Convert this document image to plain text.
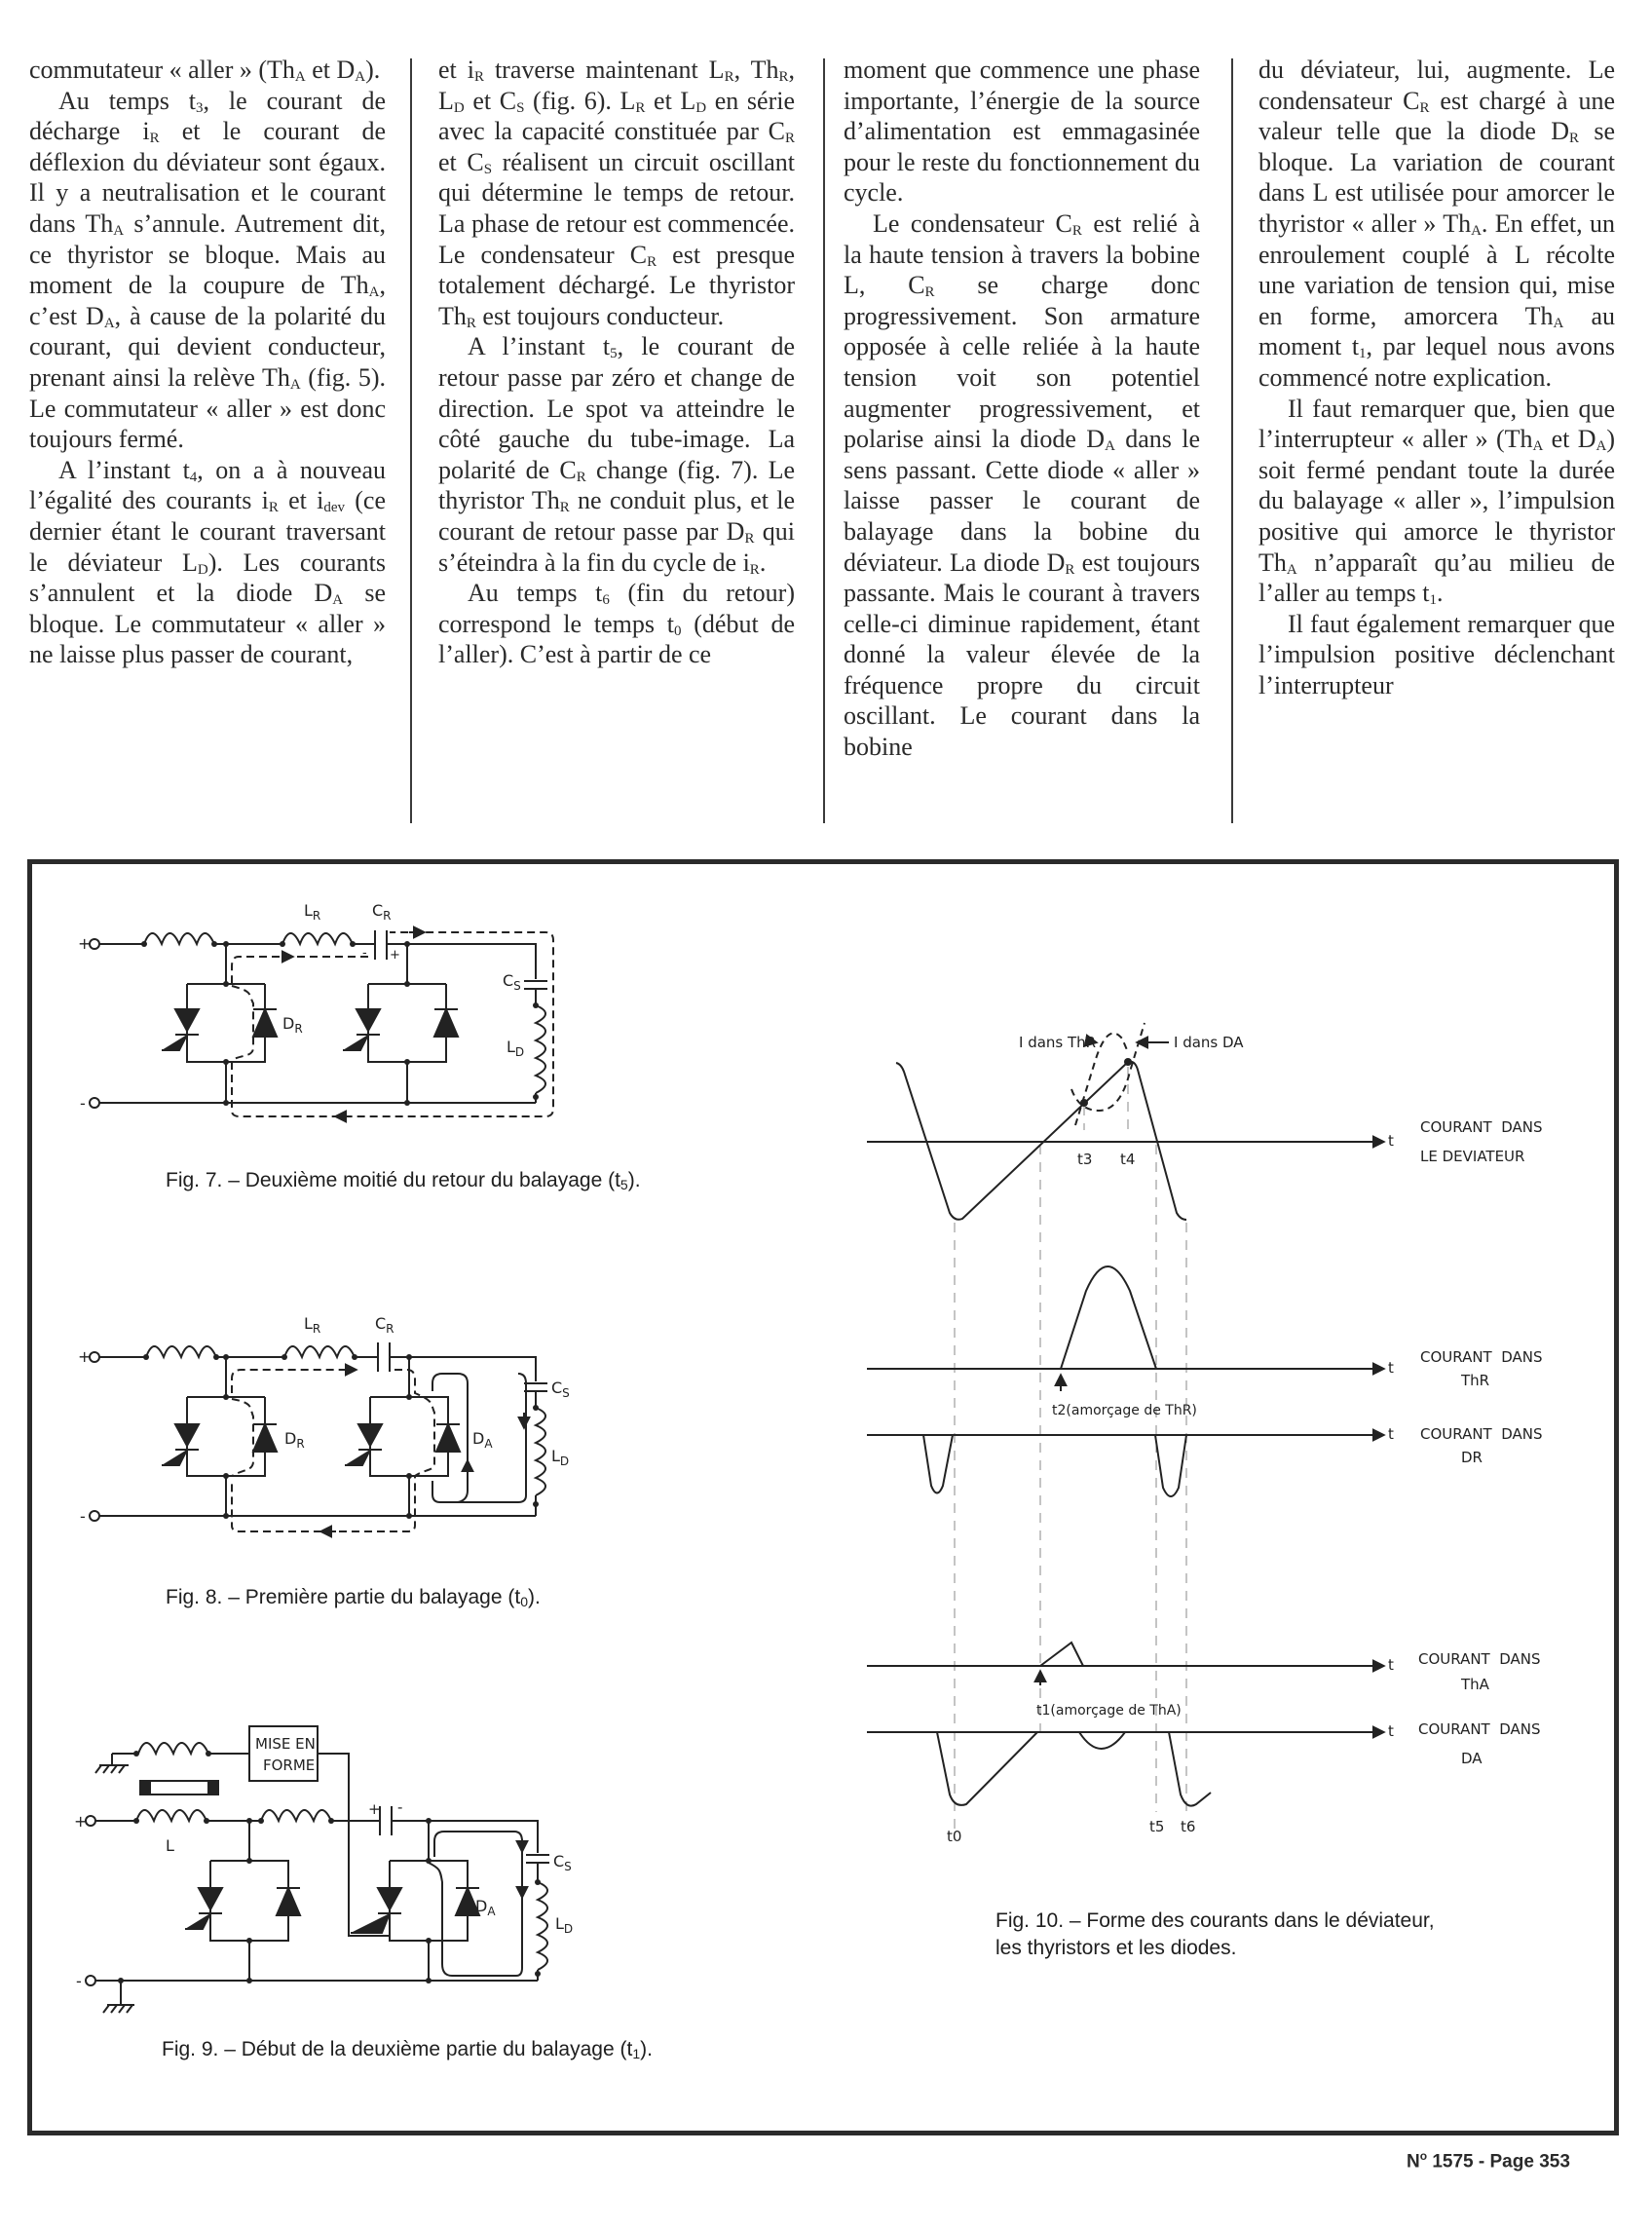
commutateur « aller » ($Th_A$ et $D_A$).

Au temps $t_3$, le courant de décharge $i_R$ et le courant de déflexion du déviateur sont égaux. Il y a neutralisation et le courant dans $Th_A$ s’annule. Autrement dit, ce thyristor se bloque. Mais au moment de la coupure de $Th_A$, c’est $D_A$, à cause de la polarité du courant, qui devient conducteur, prenant ainsi la relève $Th_A$ (fig. 5). Le commutateur « aller » est donc toujours fermé.

A l’instant $t_4$, on a à nouveau l’égalité des courants $i_R$ et $i_{dev}$ (ce dernier étant le courant traversant le déviateur $L_D$). Les courants s’annulent et la diode $D_A$ se bloque. Le commutateur « aller » ne laisse plus passer de courant,

et $i_R$ traverse maintenant $L_R$, $Th_R$, $L_D$ et $C_S$ (fig. 6). $L_R$ et $L_D$ en série avec la capacité constituée par $C_R$ et $C_S$ réalisent un circuit oscillant qui détermine le temps de retour. La phase de retour est commencée. Le condensateur $C_R$ est presque totalement déchargé. Le thyristor $Th_R$ est toujours conducteur.

A l’instant $t_5$, le courant de retour passe par zéro et change de direction. Le spot va atteindre le côté gauche du tube-image. La polarité de $C_R$ change (fig. 7). Le thyristor $Th_R$ ne conduit plus, et le courant de retour passe par $D_R$ qui s’éteindra à la fin du cycle de $i_R$.

Au temps $t_6$ (fin du retour) correspond le temps $t_0$ (début de l’aller). C’est à partir de ce

moment que commence une phase importante, l’énergie de la source d’alimentation est emmagasinée pour le reste du fonctionnement du cycle.

Le condensateur $C_R$ est relié à la haute tension à travers la bobine L, $C_R$ se charge donc progressivement. Son armature opposée à celle reliée à la haute tension voit son potentiel augmenter progressivement, et polarise ainsi la diode $D_A$ dans le sens passant. Cette diode « aller » laisse passer le courant de balayage dans la bobine du déviateur. La diode $D_R$ est toujours passante. Mais le courant à travers celle-ci diminue rapidement, étant donné la valeur élevée de la fréquence propre du circuit oscillant. Le courant dans la bobine

du déviateur, lui, augmente. Le condensateur $C_R$ est chargé à une valeur telle que la diode $D_R$ se bloque. La variation de courant dans L est utilisée pour amorcer le thyristor « aller » $Th_A$. En effet, un enroulement couplé à L récolte une variation de tension qui, mise en forme, amorcera $Th_A$ au moment $t_1$, par lequel nous avons commencé notre explication.

Il faut remarquer que, bien que l’interrupteur « aller » ($Th_A$ et $D_A$) soit fermé pendant toute la durée du balayage « aller », l’impulsion positive qui amorce le thyristor $Th_A$ n’apparaît qu’au milieu de l’aller au temps $t_1$.

Il faut également remarquer que l’impulsion positive déclenchant l’interrupteur

+
-
$L_R$	$C_R$
- +
$C_S$
$L_D$
$D_R$
+
-
$L_R$	$C_R$
$C_S$
$L_D$
$D_R$	$D_A$
+
-
MISE EN
FORME
L
+ -
$C_S$
$L_D$
$D_A$
I dans ThR	I dans DA
t3 t4
t2(amorçage de ThR)
t1(amorçage de ThA)
t0
t5 t6
t
t
t
t
t
COURANT  DANS
LE DEVIATEUR
COURANT  DANS
ThR
COURANT  DANS
DR
COURANT  DANS
ThA
COURANT  DANS
DA
Fig. 7. – Deuxième moitié du retour du balayage $(t_5)$.
Fig. 8. – Première partie du balayage $(t_0)$.
Fig. 9. – Début de la deuxième partie du balayage $(t_1)$.
Fig. 10. – Forme des courants dans le déviateur,
les thyristors et les diodes.
$N^o$ 1575 - Page 353
